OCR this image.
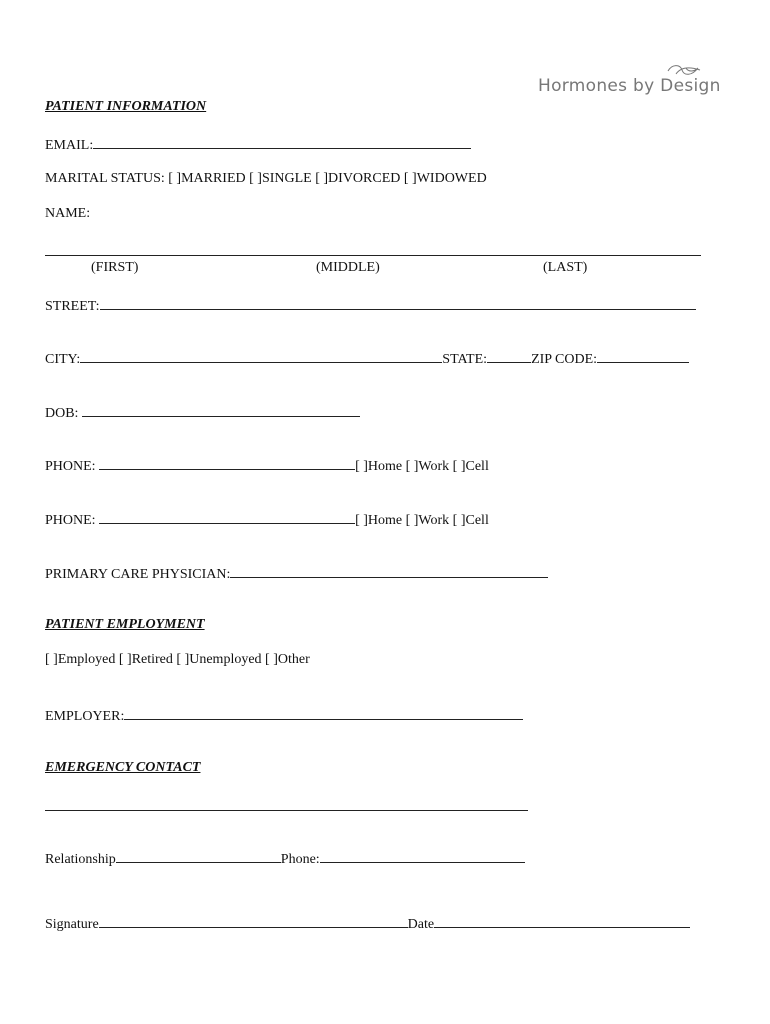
Hormones by Design
PATIENT INFORMATION
EMAIL:
MARITAL STATUS: [ ]MARRIED [ ]SINGLE [ ]DIVORCED [ ]WIDOWED
NAME:
(FIRST)	(MIDDLE)	(LAST)
STREET:
CITY:	STATE:	ZIP CODE:
DOB:
PHONE:	[ ]Home [ ]Work [ ]Cell
PHONE:	[ ]Home [ ]Work [ ]Cell
PRIMARY CARE PHYSICIAN:
PATIENT EMPLOYMENT
[ ]Employed [ ]Retired [ ]Unemployed [ ]Other
EMPLOYER:
EMERGENCY CONTACT
Relationship	Phone:
Signature	Date
